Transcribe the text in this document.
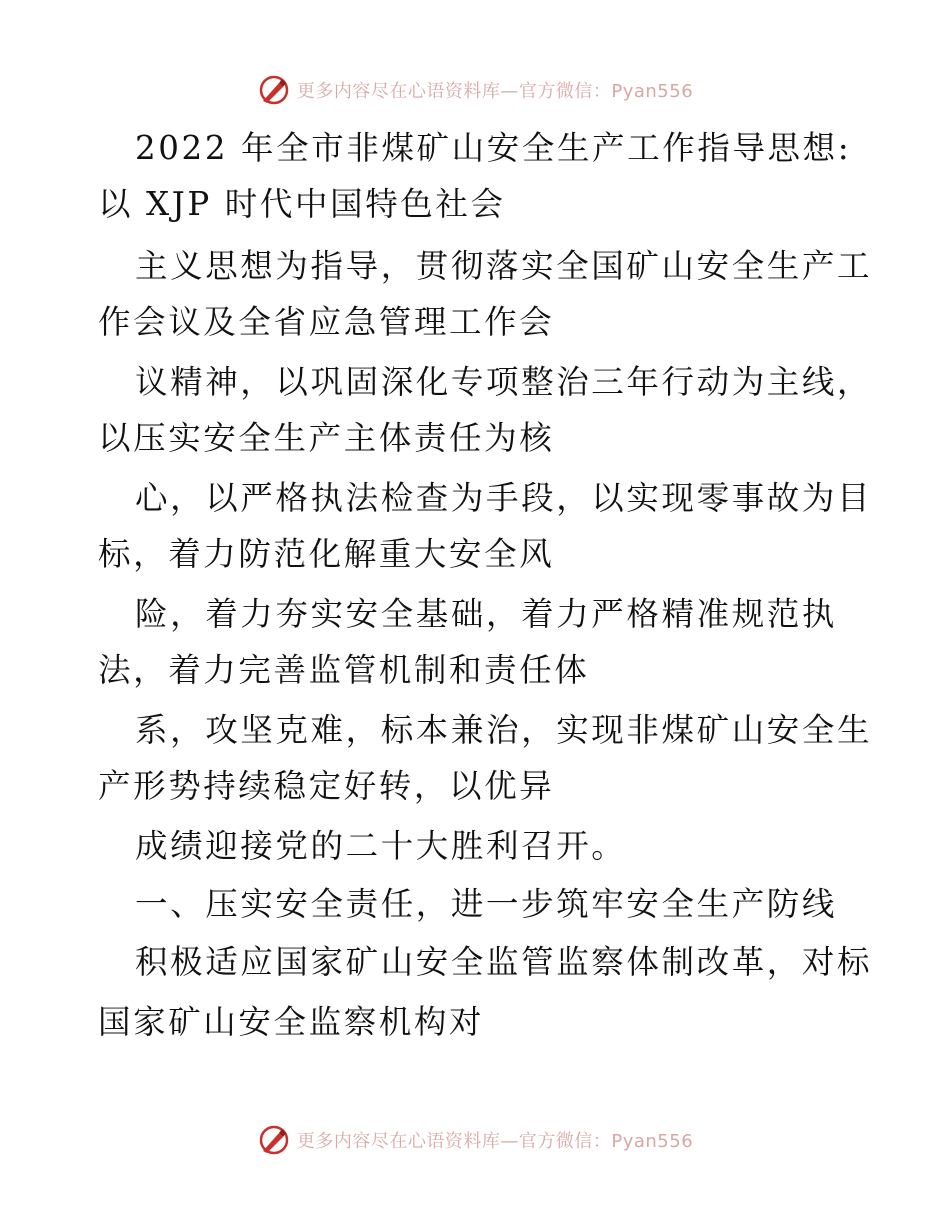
更多内容尽在心语资料库—官方微信：Pyan556
2022 年全市非煤矿山安全生产工作指导思想:
以 XJP 时代中国特色社会
主义思想为指导，贯彻落实全国矿山安全生产工
作会议及全省应急管理工作会
议精神，以巩固深化专项整治三年行动为主线，
以压实安全生产主体责任为核
心，以严格执法检查为手段，以实现零事故为目
标，着力防范化解重大安全风
险，着力夯实安全基础，着力严格精准规范执
法，着力完善监管机制和责任体
系，攻坚克难，标本兼治，实现非煤矿山安全生
产形势持续稳定好转，以优异
成绩迎接党的二十大胜利召开。
一、压实安全责任，进一步筑牢安全生产防线
积极适应国家矿山安全监管监察体制改革，对标
国家矿山安全监察机构对
更多内容尽在心语资料库—官方微信：Pyan556
